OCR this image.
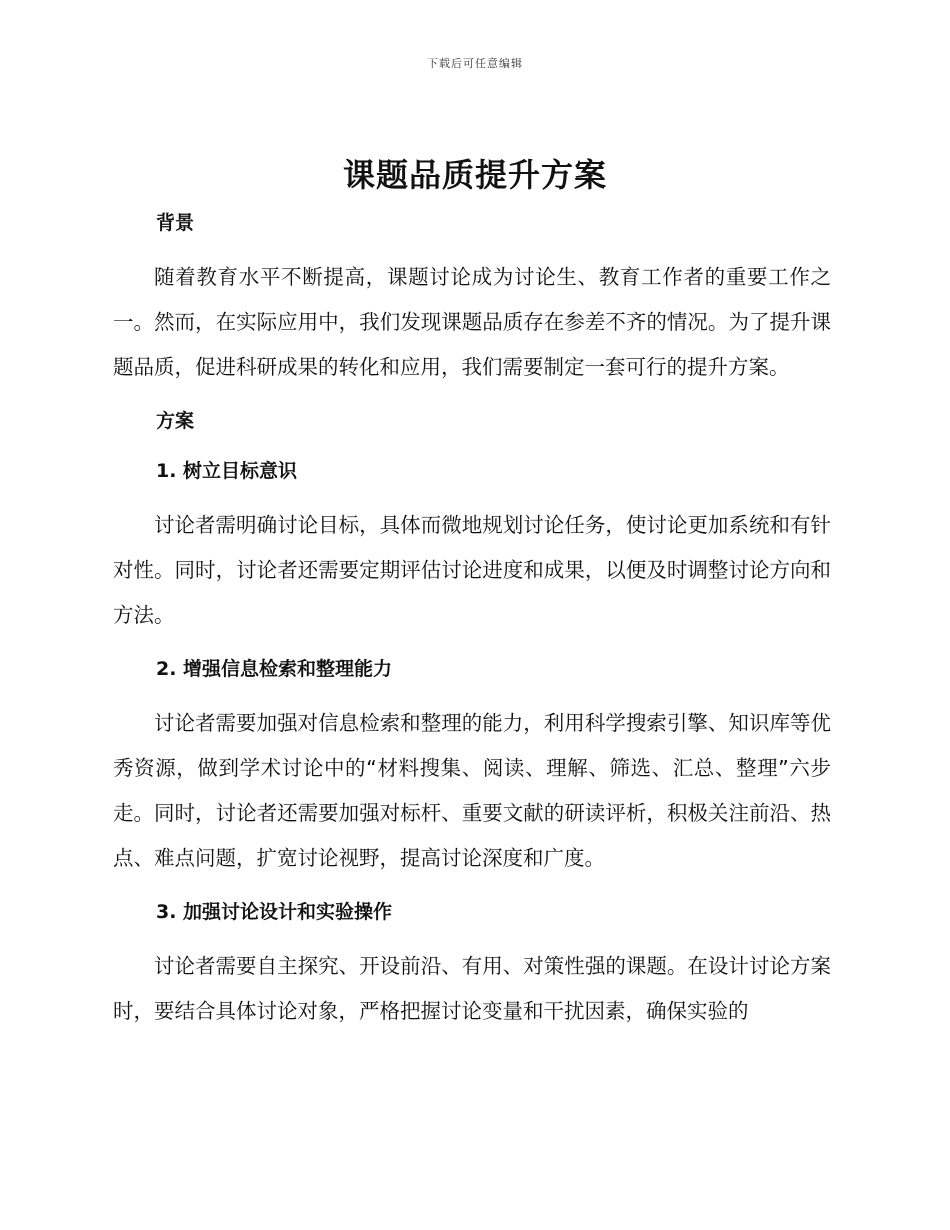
下载后可任意编辑
课题品质提升方案
背景

随着教育水平不断提高，课题讨论成为讨论生、教育工作者的重要工作之一。然而，在实际应用中，我们发现课题品质存在参差不齐的情况。为了提升课题品质，促进科研成果的转化和应用，我们需要制定一套可行的提升方案。

方案
1. 树立目标意识

讨论者需明确讨论目标，具体而微地规划讨论任务，使讨论更加系统和有针对性。同时，讨论者还需要定期评估讨论进度和成果，以便及时调整讨论方向和方法。

2. 增强信息检索和整理能力

讨论者需要加强对信息检索和整理的能力，利用科学搜索引擎、知识库等优秀资源，做到学术讨论中的“材料搜集、阅读、理解、筛选、汇总、整理”六步走。同时，讨论者还需要加强对标杆、重要文献的研读评析，积极关注前沿、热点、难点问题，扩宽讨论视野，提高讨论深度和广度。

3. 加强讨论设计和实验操作

讨论者需要自主探究、开设前沿、有用、对策性强的课题。在设计讨论方案时，要结合具体讨论对象，严格把握讨论变量和干扰因素，确保实验的
